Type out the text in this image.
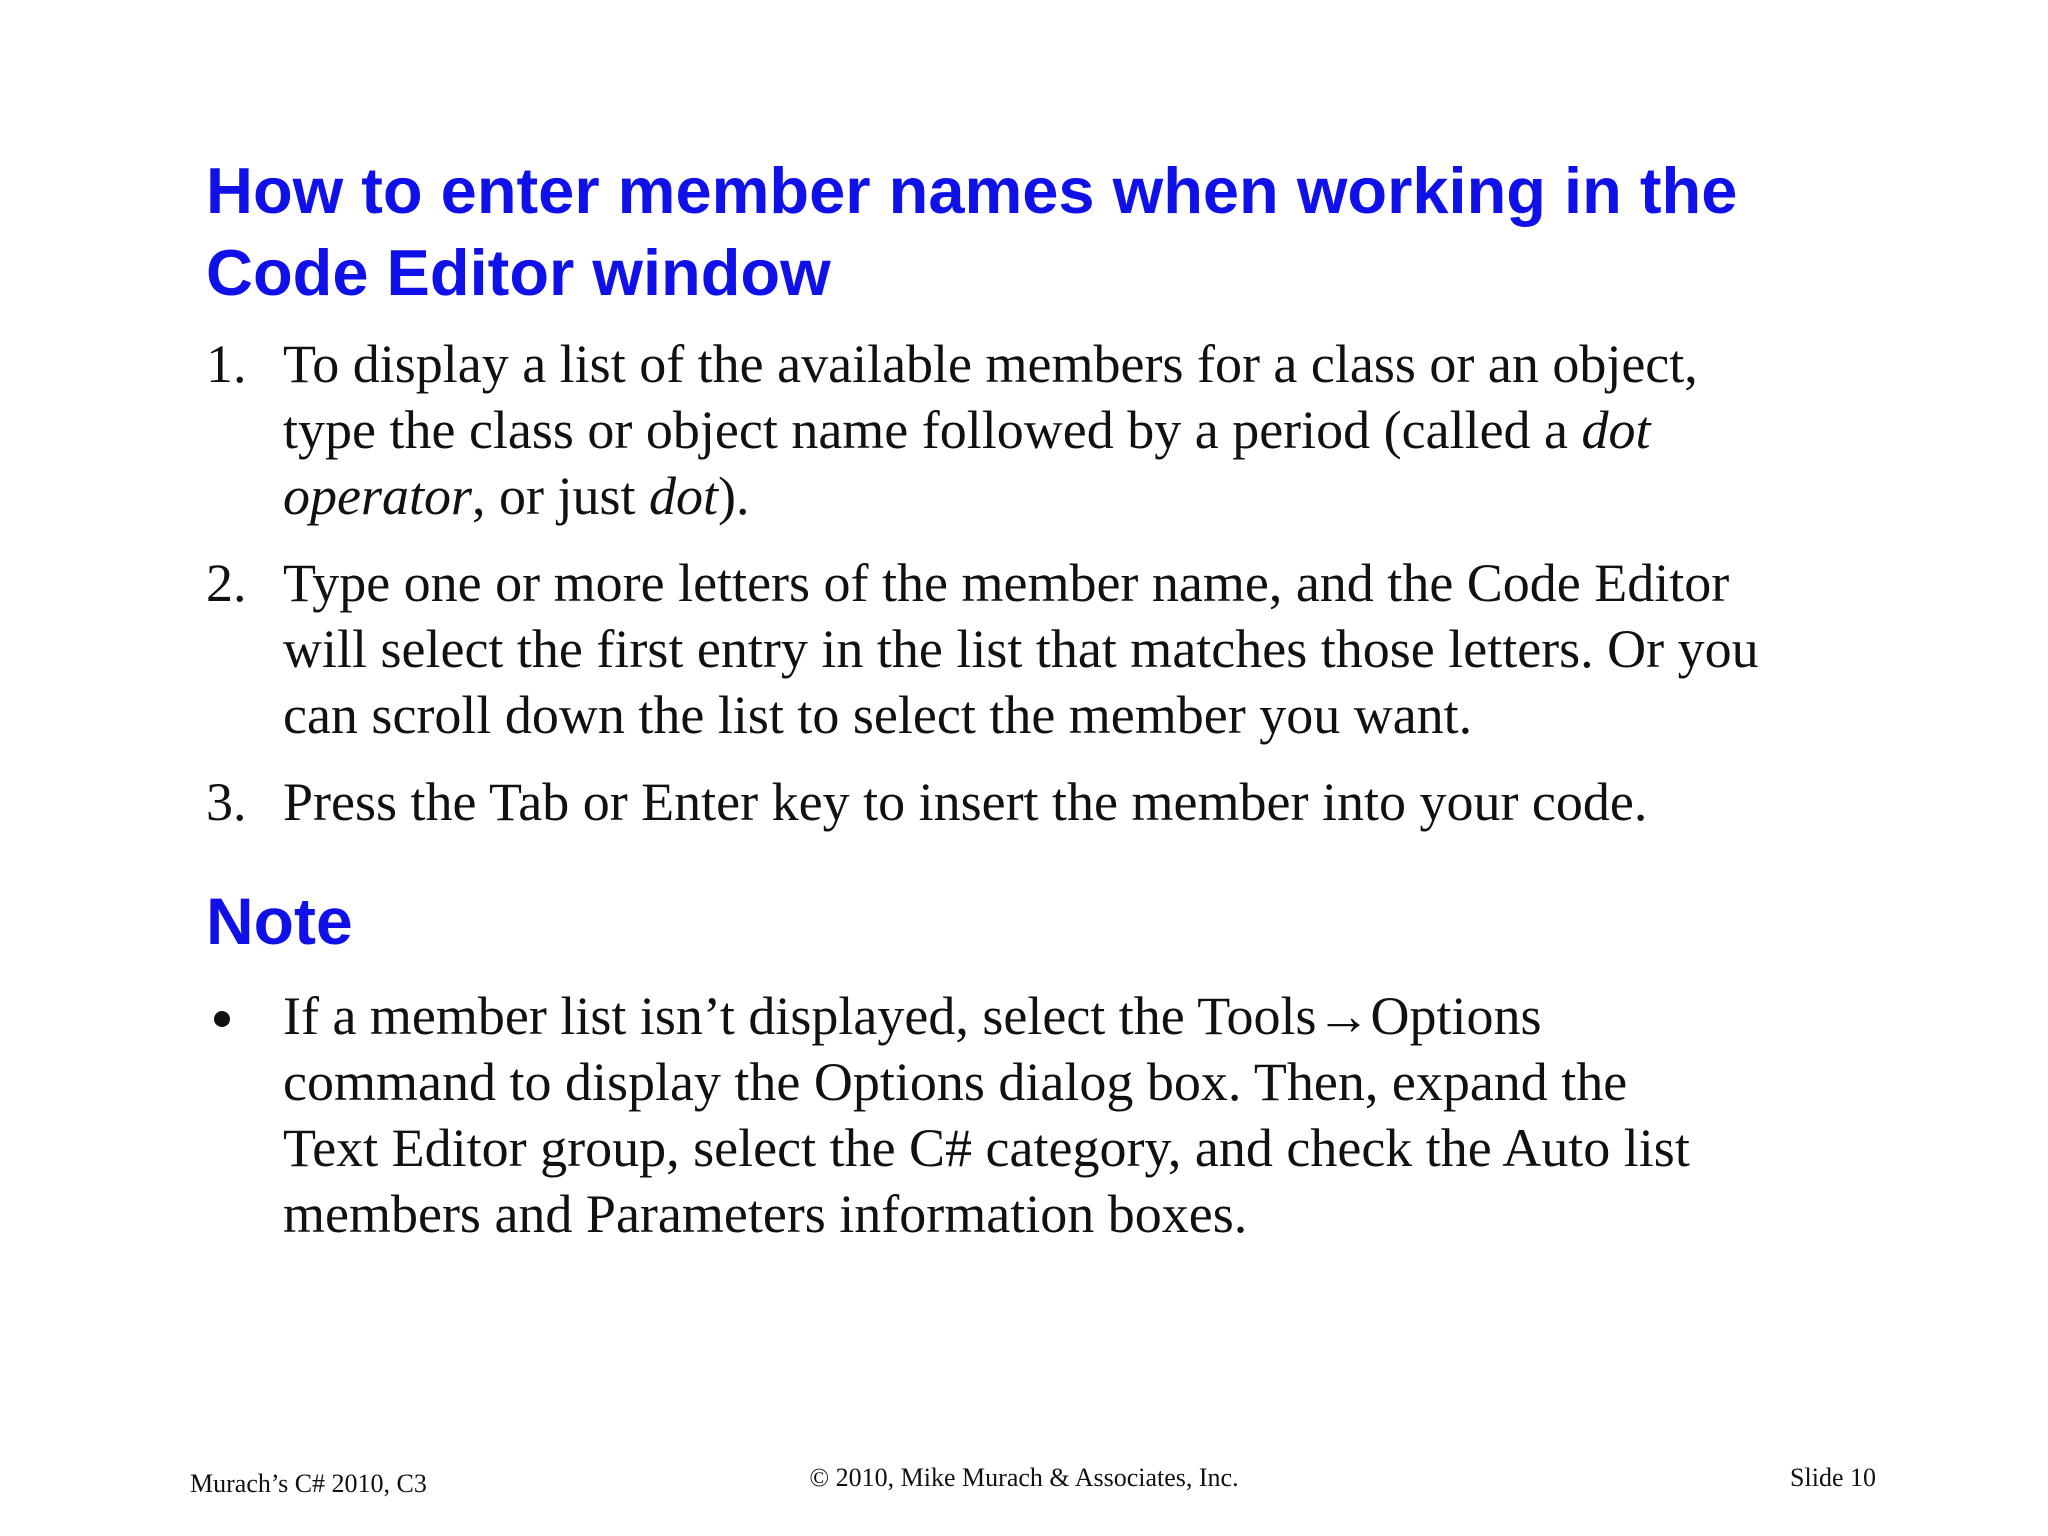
How to enter member names when working in the
Code Editor window
1. To display a list of the available members for a class or an object,
type the class or object name followed by a period (called a dot
operator, or just dot).
2. Type one or more letters of the member name, and the Code Editor
will select the first entry in the list that matches those letters. Or you
can scroll down the list to select the member you want.
3. Press the Tab or Enter key to insert the member into your code.
Note
If a member list isn’t displayed, select the Tools→Options
command to display the Options dialog box. Then, expand the
Text Editor group, select the C# category, and check the Auto list
members and Parameters information boxes.
Murach’s C# 2010, C3	© 2010, Mike Murach & Associates, Inc.	Slide 10
